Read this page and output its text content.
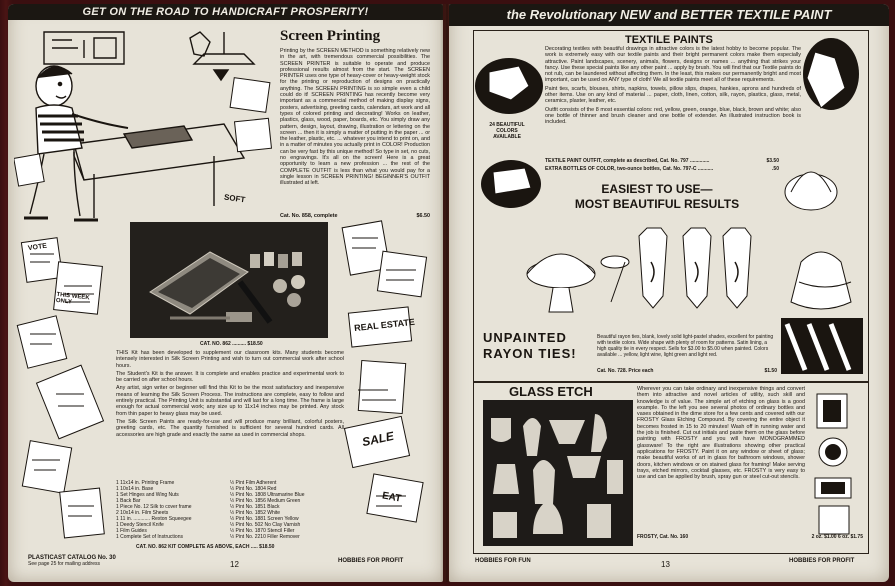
GET ON THE ROAD TO HANDICRAFT PROSPERITY!
Screen Printing
Printing by the SCREEN METHOD is something relatively new in the art, with tremendous commercial possibilities. The SCREEN PRINTER is suitable to operate and produce professional results almost from the start. The SCREEN PRINTER uses one type of heavy-cover or heavy-weight stock for the printing or reproduction of designs on practically anything. The SCREEN PRINTING is so simple even a child could do it! SCREEN PRINTING has recently become very important as a commercial method of making display signs, posters, advertising, greeting cards, calendars, art work and all types of colored printing and decorating! Works on leather, plastics, glass, wood, paper, boards, etc. You simply draw any pattern, design, layout, drawing, illustration or lettering on the screen ... then it is simply a matter of putting in the paper ... or the leather, plastic, etc. ... whatever you intend to print on, and in a matter of minutes you actually print in COLOR! Production can be very fast by this unique method! So type in set, no cuts, no engravings. It's all on the screen! Here is a great opportunity to learn a new profession ... the rest of the COMPLETE OUTFIT is less than what you would pay for a single lesson in SCREEN PRINTING! BEGINNER'S OUTFIT illustrated at left.
Cat. No. 858, complete	$6.50
CAT. NO. 862 .......... $18.50
VOTE
THIS WEEK ONLY
SOFT
REAL ESTATE
SALE
EAT

THIS Kit has been developed to supplement our classroom kits. Many students become intensely interested in Silk Screen Printing and wish to turn out commercial work after school hours.

The Student's Kit is the answer. It is complete and enables practice and experimental work to be carried on after school hours.

Any artist, sign writer or beginner will find this Kit to be the most satisfactory and inexpensive means of learning the Silk Screen Process. The instructions are complete, easy to follow and entirely practical. The Printing Unit is substantial and will last for a long time. The frame is large enough for actual commercial work; any size up to 11x14 inches may be printed. Any stock from thin paper to heavy glass may be used.

The Silk Screen Paints are ready-for-use and will produce many brilliant, colorful posters, greeting cards, etc. The quantity furnished is sufficient for several hundred cards. All accessories are high grade and exactly the same as used in commercial shops.

1 11x14 in. Printing Frame
1 10x14 in. Base
1 Set Hinges and Wing Nuts
1 Back Bar
1 Piece No. 12 Silk to cover frame
2 10x14 in. Film Sheets
1 11 in. ............ Rexton Squeegee
1 Deedy Stencil Knife
1 Film Guides
1 Complete Set of Instructions
½ Pint Film Adherent
½ Pint No. 1804 Red
½ Pint No. 1808 Ultramarine Blue
½ Pint No. 1856 Medium Green
½ Pint No. 1851 Black
½ Pint No. 1852 White
½ Pint No. 1881 Screen Yellow
½ Pint No. 502 No Clay Varnish
½ Pint No. 1870 Stencil Filler
½ Pint No. 2210 Filler Remover
CAT. NO. 862 KIT COMPLETE AS ABOVE, EACH ..... $18.50
PLASTICAST CATALOG No. 30
See page 25 for mailing address	12	HOBBIES FOR PROFIT
the Revolutionary NEW and BETTER TEXTILE PAINT
TEXTILE PAINTS
24 BEAUTIFUL COLORS AVAILABLE

Decorating textiles with beautiful drawings in attractive colors is the latest hobby to become popular. The work is extremely easy with our textile paints and their bright permanent colors make them especially attractive. Paint landscapes, scenery, animals, flowers, designs or names ... anything that strikes your fancy. Use these special paints like any other paint ... apply by brush. You will find that our Textile paints do not rub, can be laundered without affecting them. In the least, this makes our permanently bright and most important, can be used on ANY type of cloth! We all textile paints meet all of these requirements.

Paint ties, scarfs, blouses, shirts, napkins, towels, pillow slips, drapes, hankies, aprons and hundreds of other items. Use on any kind of material ... paper, cloth, linen, cotton, silk, rayon, plastics, glass, metal, ceramics, plaster, leather, etc.

Outfit consists of the 8 most essential colors: red, yellow, green, orange, blue, black, brown and white; also one bottle of thinner and brush cleaner and one bottle of extender. An illustrated instruction book is included.

TEXTILE PAINT OUTFIT, complete as described, Cat. No. 797 ..............	$3.50
EXTRA BOTTLES OF COLOR, two-ounce bottles, Cat. No. 797-C ...........	.50
EASIEST TO USE—
MOST BEAUTIFUL RESULTS
UNPAINTED
RAYON TIES!
Beautiful rayon ties, blank, lovely solid light-pastel shades, excellent for painting with textile colors. Wide shape with plenty of room for patterns. Satin lining, a high quality tie in every respect. Sells for $3.00 to $5.00 when painted. Colors available ... yellow, light wine, light green and light red.
Cat. No. 728. Price each	$1.50
GLASS ETCH	Wherever you can take ordinary and inexpensive things and convert them into attractive and novel articles of utility, such skill and knowledge is of value. The simple art of etching on glass is a good example. To the left you see several photos of ordinary bottles and vases obtained in the dime store for a few cents and covered with our FROSTY Glass Etching Compound. By covering the entire object it becomes frosted in 15 to 20 minutes! Wash off in running water and the job is finished. Cut out initials and paste them on the glass before painting with FROSTY and you will have MONOGRAMMED glassware! To the right are illustrations showing other practical applications for FROSTY. Paint it on any window or sheet of glass; make beautiful works of art in glass for bathroom windows, shower doors, kitchen windows or on stained glass for framing! Make serving trays, etched mirrors, cocktail glasses, etc. FROSTY is very easy to use and can be applied by brush, spray gun or steel cut-out stencils.
FROSTY, Cat. No. 160	2 oz. $1.00 6 oz. $1.75
HOBBIES FOR FUN	13	HOBBIES FOR PROFIT
